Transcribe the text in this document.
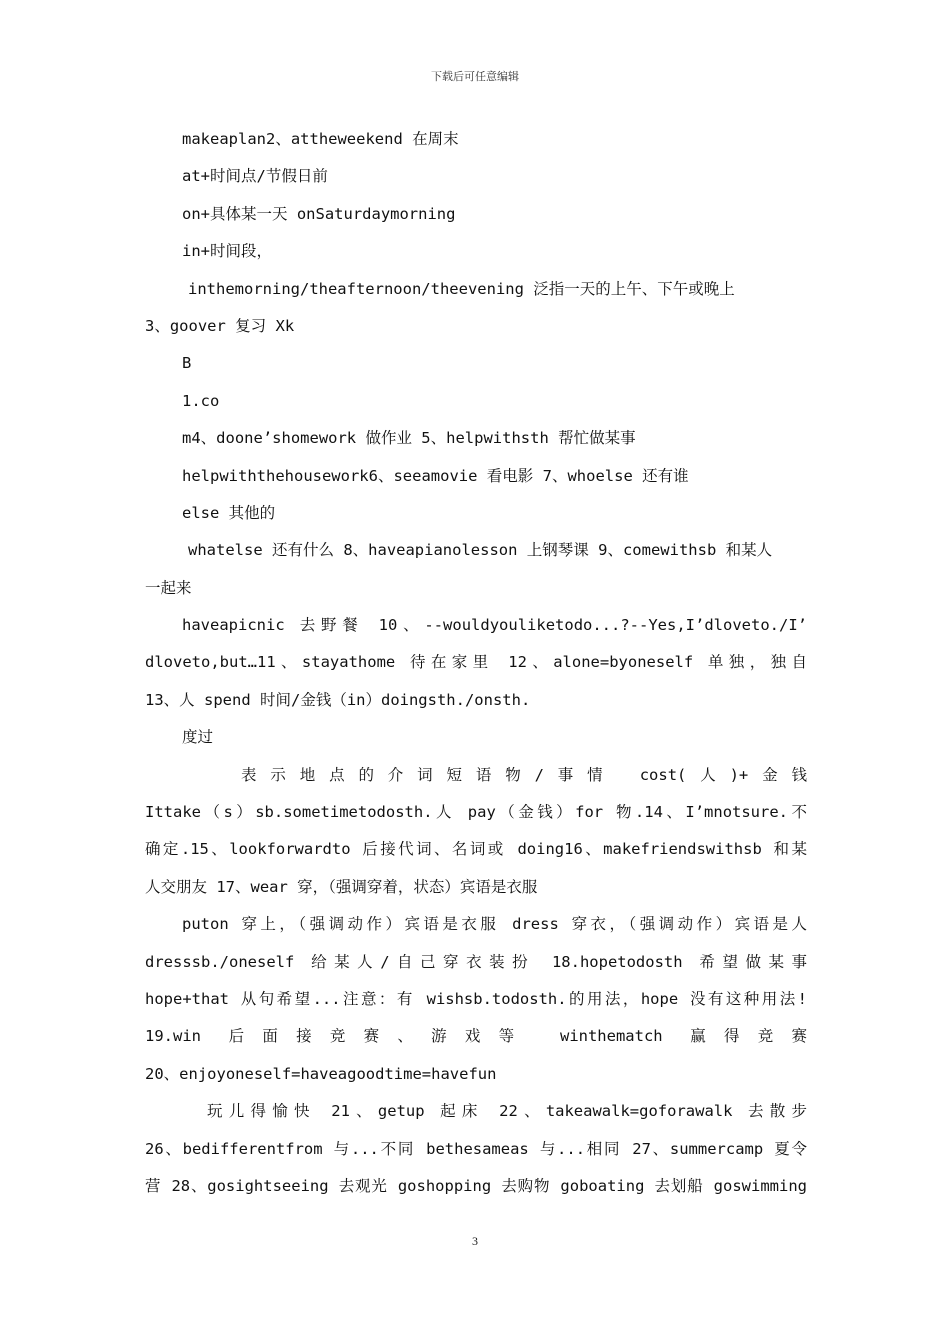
下载后可任意编辑
makeaplan2、attheweekend 在周末
at+时间点/节假日前
on+具体某一天 onSaturdaymorning
in+时间段，
inthemorning/theafternoon/theevening 泛指一天的上午、下午或晚上
3、goover 复习 Xk
B
1.co
m4、doone’shomework 做作业 5、helpwithsth 帮忙做某事
helpwiththehousework6、seeamovie 看电影 7、whoelse 还有谁
else 其他的
whatelse 还有什么 8、haveapianolesson 上钢琴课 9、comewithsb 和某人
一起来
haveapicnic 去野餐 10、--wouldyouliketodo...?--Yes,I’dloveto./I’
dloveto,but…11、stayathome 待在家里 12、alone=byoneself 单独，独自
13、人 spend 时间/金钱（in）doingsth./onsth.
度过
表示地点的介词短语物/事情 cost(人)+金钱
Ittake（s）sb.sometimetodosth.人 pay（金钱）for 物.14、I’mnotsure.不
确定.15、lookforwardto 后接代词、名词或 doing16、makefriendswithsb 和某
人交朋友 17、wear 穿，（强调穿着，状态）宾语是衣服
puton 穿上，（强调动作）宾语是衣服 dress 穿衣，（强调动作）宾语是人
dresssb./oneself 给某人/自己穿衣装扮 18.hopetodosth 希望做某事
hope+that 从句希望...注意：有 wishsb.todosth.的用法，hope 没有这种用法!
19.win 后面接竞赛、游戏等 winthematch 赢得竞赛
20、enjoyoneself=haveagoodtime=havefun
玩儿得愉快 21、getup 起床 22、takeawalk=goforawalk 去散步
26、bedifferentfrom 与...不同 bethesameas 与...相同 27、summercamp 夏令
营 28、gosightseeing 去观光 goshopping 去购物 goboating 去划船 goswimming
3
